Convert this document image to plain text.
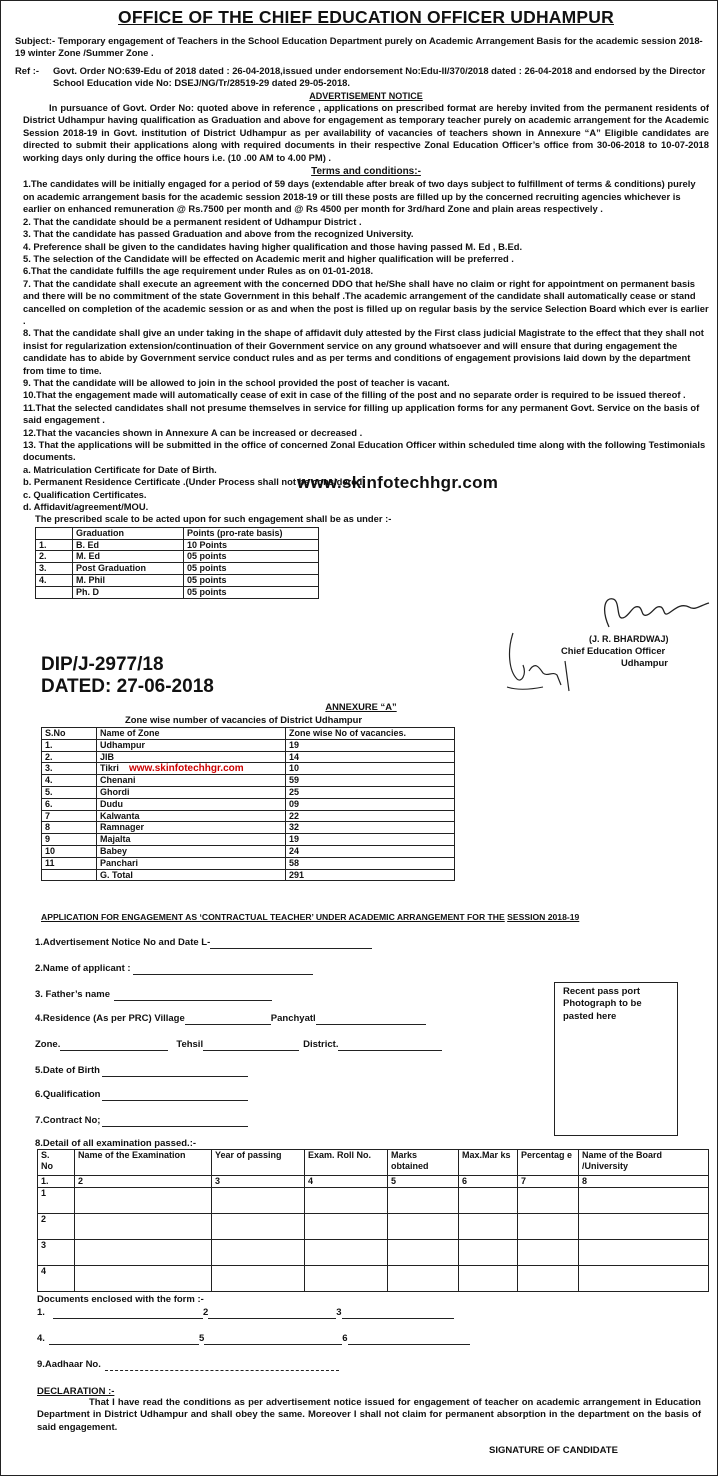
OFFICE OF THE CHIEF EDUCATION OFFICER UDHAMPUR

Subject:- Temporary engagement of Teachers in the School Education Department purely on Academic Arrangement Basis for the academic session 2018-19 winter Zone /Summer Zone .

Ref :-	Govt. Order NO:639-Edu of 2018 dated : 26-04-2018,issued under endorsement No:Edu-II/370/2018 dated : 26-04-2018 and endorsed by the Director School Education vide No: DSEJ/NG/Tr/28519-29 dated 29-05-2018.
ADVERTISEMENT NOTICE

In pursuance of Govt. Order No: quoted above in reference , applications on prescribed format are hereby invited from the permanent residents of District Udhampur having qualification as Graduation and above for engagement as temporary teacher purely on academic arrangement for the Academic Session 2018-19 in Govt. institution of District Udhampur as per availability of vacancies of teachers shown in Annexure “A” Eligible candidates are directed to submit their applications along with required documents in their respective Zonal Education Officer’s office from 30-06-2018 to 10-07-2018 working days only during the office hours i.e. (10 .00 AM to 4.00 PM) .

Terms and conditions:-

1.The candidates will be initially engaged for a period of 59 days (extendable after break of two days subject to fulfillment of terms & conditions) purely on academic arrangement basis for the academic session 2018-19 or till these posts are filled up by the concerned recruiting agencies whichever is earlier on enhanced remuneration @ Rs.7500 per month and @ Rs 4500 per month for 3rd/hard Zone and plain areas respectively .

2. That the candidate should be a permanent resident of Udhampur District .

3. That the candidate has passed Graduation and above from the recognized University.

4. Preference shall be given to the candidates having higher qualification and those having passed M. Ed , B.Ed.

5. The selection of the Candidate will be effected on Academic merit and higher qualification will be preferred .

6.That the candidate fulfills the age requirement under Rules as on 01-01-2018.

7. That the candidate shall execute an agreement with the concerned DDO that he/She shall have no claim or right for appointment on permanent basis and there will be no commitment of the state Government in this behalf .The academic arrangement of the candidate shall automatically cease or stand cancelled on completion of the academic session or as and when the post is filled up on regular basis by the service Selection Board which ever is earlier .

8. That the candidate shall give an under taking in the shape of affidavit duly attested by the First class judicial Magistrate to the effect that they shall not insist for regularization extension/continuation of their Government service on any ground whatsoever and will ensure that during engagement the candidate has to abide by Government service conduct rules and as per terms and conditions of engagement provisions laid down by the department from time to time.

9. That the candidate will be allowed to join in the school provided the post of teacher is vacant.

10.That the engagement made will automatically cease of exit in case of the filling of the post and no separate order is required to be issued thereof .

11.That the selected candidates shall not presume themselves in service for filling up application forms for any permanent Govt. Service on the basis of said engagement .

12.That the vacancies shown in Annexure A can be increased or decreased .

13. That the applications will be submitted in the office of concerned Zonal Education Officer within scheduled time along with the following Testimonials documents.

a. Matriculation Certificate for Date of Birth.

b. Permanent Residence Certificate .(Under Process shall not be considered)

c. Qualification Certificates.

d. Affidavit/agreement/MOU.

The prescribed scale to be acted upon for such engagement shall be as under :-

	Graduation	Points (pro-rate basis)
1.	B. Ed	10 Points
2.	M. Ed	05 points
3.	Post Graduation	05 points
4.	M. Phil	05 points
	Ph. D	05 points
www.skinfotechhgr.com
(J. R. BHARDWAJ)
Chief Education Officer
Udhampur
DIP/J-2977/18
DATED: 27-06-2018
ANNEXURE “A”
Zone wise number of vacancies of District Udhampur
S.No	Name of Zone	Zone wise No of vacancies.
1.	Udhampur	19
2.	JIB	14
3.	Tikri	10
4.	Chenani	59
5.	Ghordi	25
6.	Dudu	09
7	Kalwanta	22
8	Ramnager	32
9	Majalta	19
10	Babey	24
11	Panchari	58
	G. Total	291
www.skinfotechhgr.com
APPLICATION FOR ENGAGEMENT AS ‘CONTRACTUAL TEACHER’ UNDER ACADEMIC ARRANGEMENT FOR THE SESSION 2018-19
1.Advertisement Notice No and Date L-
2.Name of applicant :
3. Father’s name
4.Residence (As per PRC) Village	Panchyatl
Zone.	Tehsil	District.
5.Date of Birth
6.Qualification
7.Contract No;
Recent pass port Photograph to be pasted here
8.Detail of all examination passed.:-
S.
No	Name of the Examination	Year of passing	Exam. Roll No.	Marks obtained	Max.Mar ks	Percentag e	Name of the Board /University
1.	2	3	4	5	6	7	8
1							
2							
3							
4							
Documents enclosed with the form :-
1.	2	3
4.	5	6
9.Aadhaar No.
DECLARATION :-

That I have read the conditions as per advertisement notice issued for engagement of teacher on academic arrangement in Education Department in District Udhampur and shall obey the same. Moreover I shall not claim for permanent absorption in the department on the basis of said engagement.

SIGNATURE OF CANDIDATE
